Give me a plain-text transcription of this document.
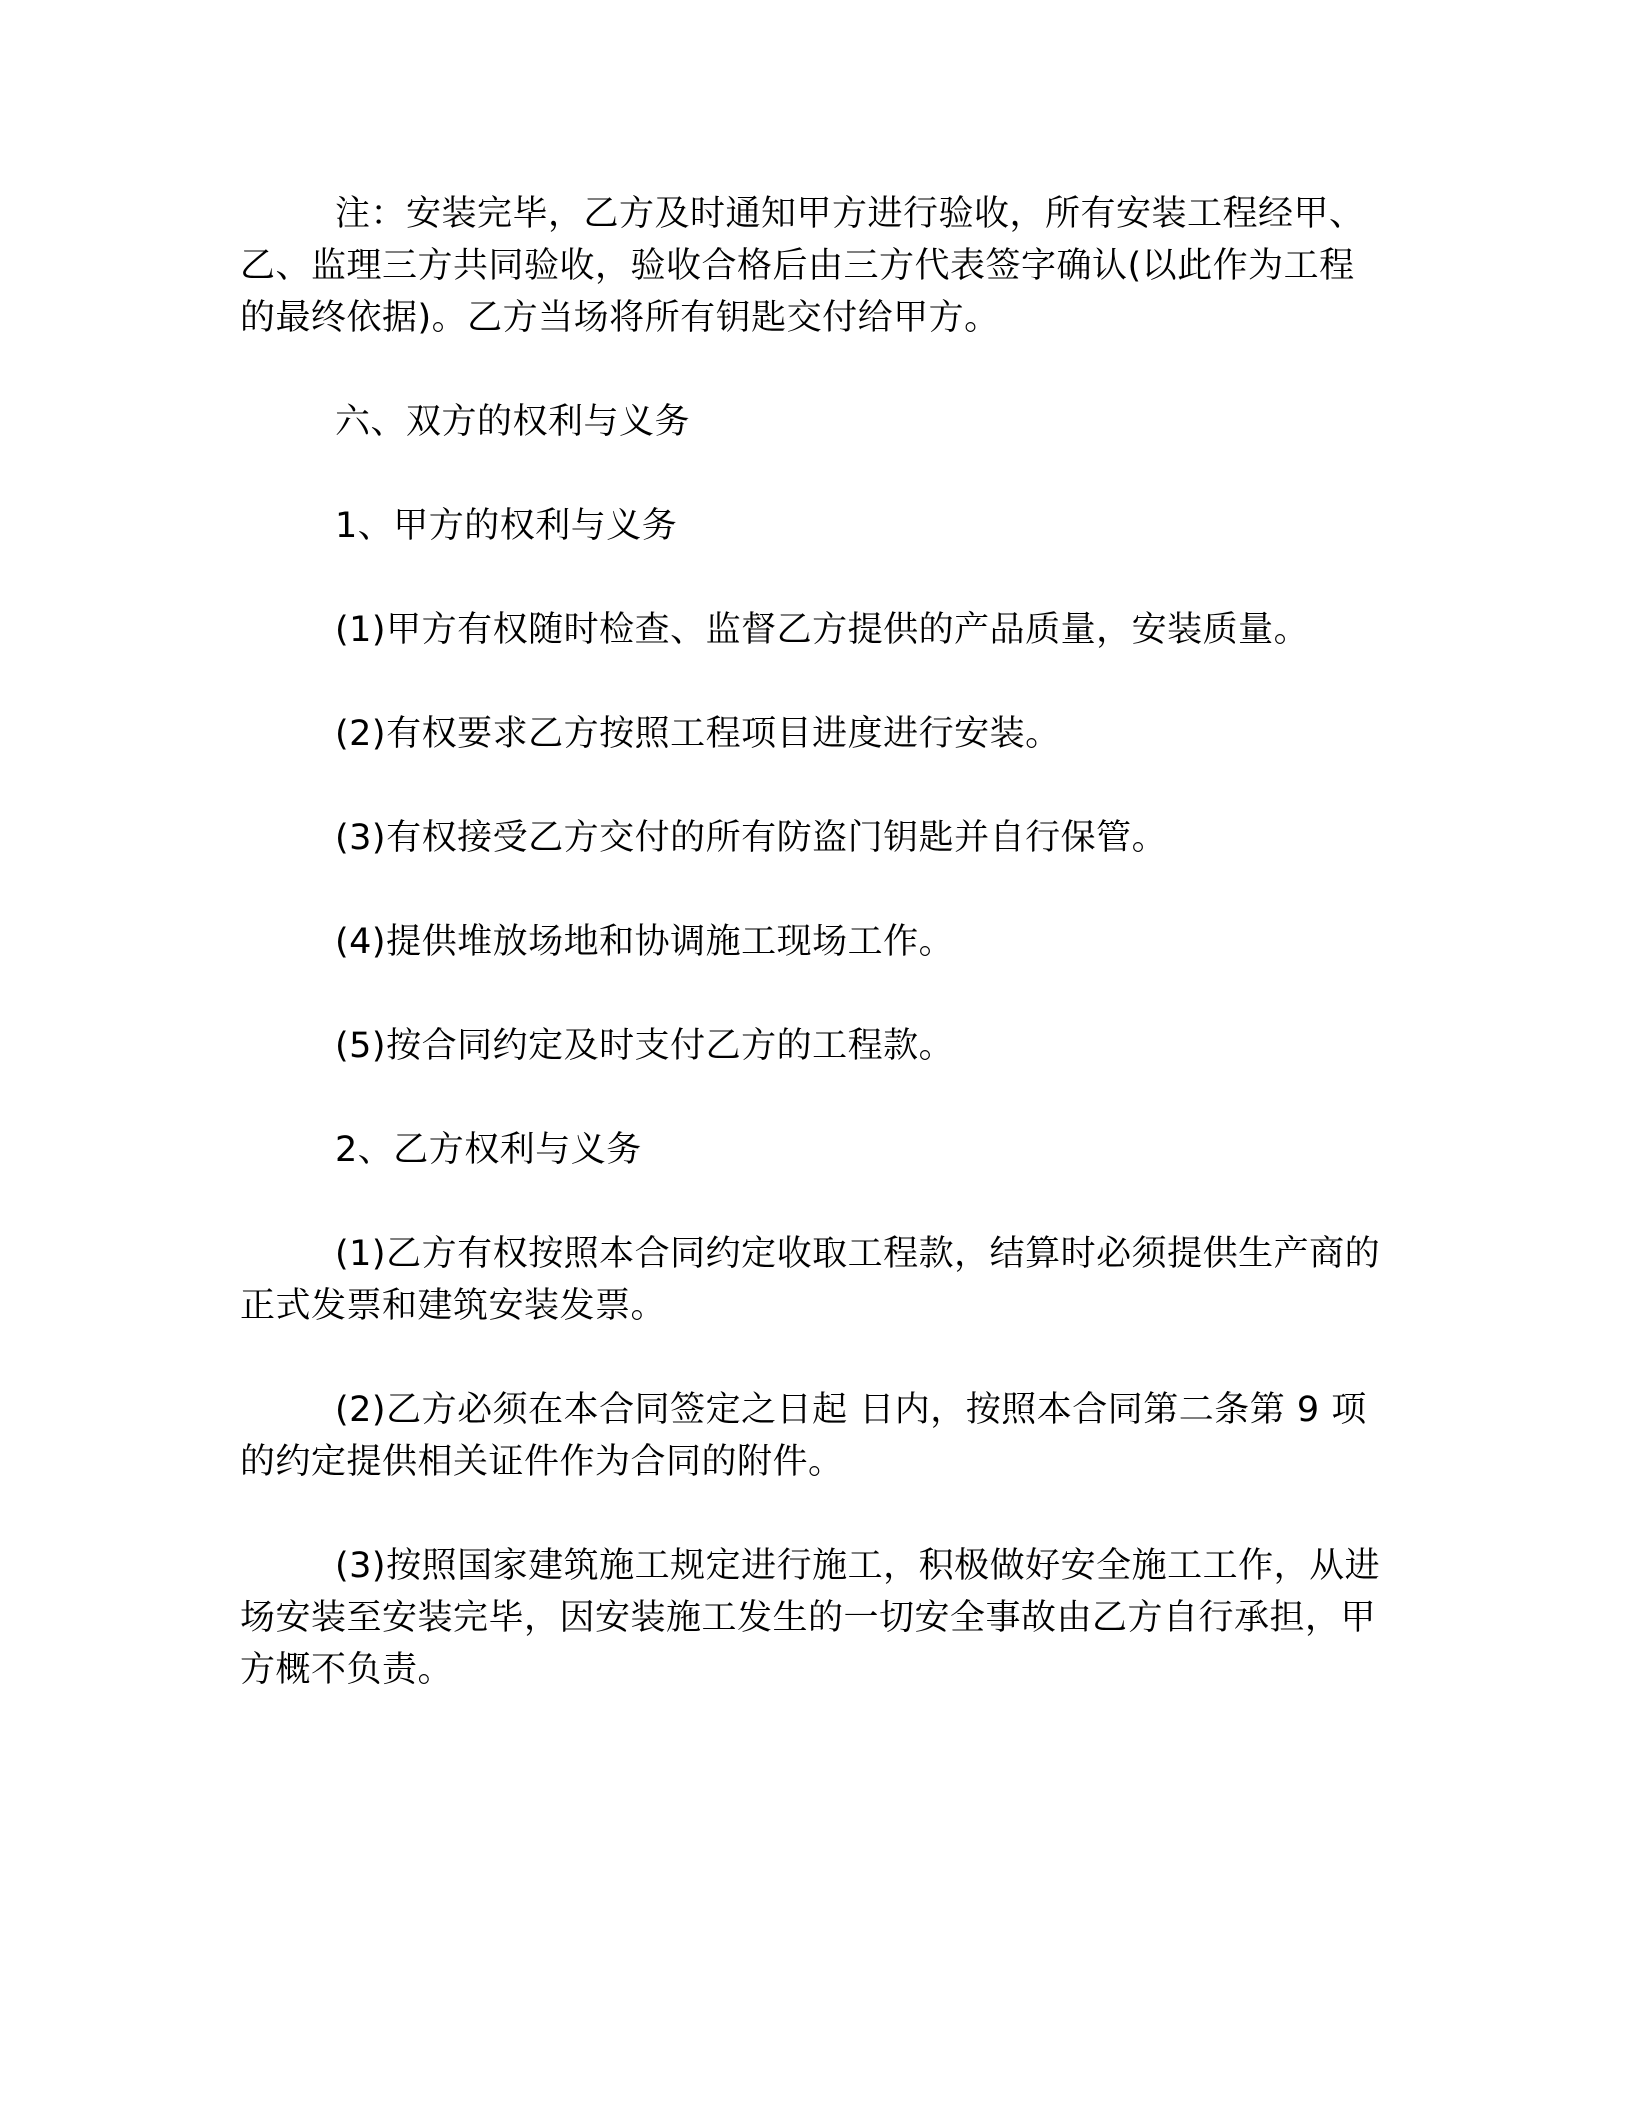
注：安装完毕，乙方及时通知甲方进行验收，所有安装工程经甲、乙、监理三方共同验收，验收合格后由三方代表签字确认(以此作为工程的最终依据)。乙方当场将所有钥匙交付给甲方。

六、双方的权利与义务

1、甲方的权利与义务

(1)甲方有权随时检查、监督乙方提供的产品质量，安装质量。

(2)有权要求乙方按照工程项目进度进行安装。

(3)有权接受乙方交付的所有防盗门钥匙并自行保管。

(4)提供堆放场地和协调施工现场工作。

(5)按合同约定及时支付乙方的工程款。

2、乙方权利与义务

(1)乙方有权按照本合同约定收取工程款，结算时必须提供生产商的正式发票和建筑安装发票。

(2)乙方必须在本合同签定之日起 日内，按照本合同第二条第 9 项的约定提供相关证件作为合同的附件。

(3)按照国家建筑施工规定进行施工，积极做好安全施工工作，从进场安装至安装完毕，因安装施工发生的一切安全事故由乙方自行承担，甲方概不负责。
